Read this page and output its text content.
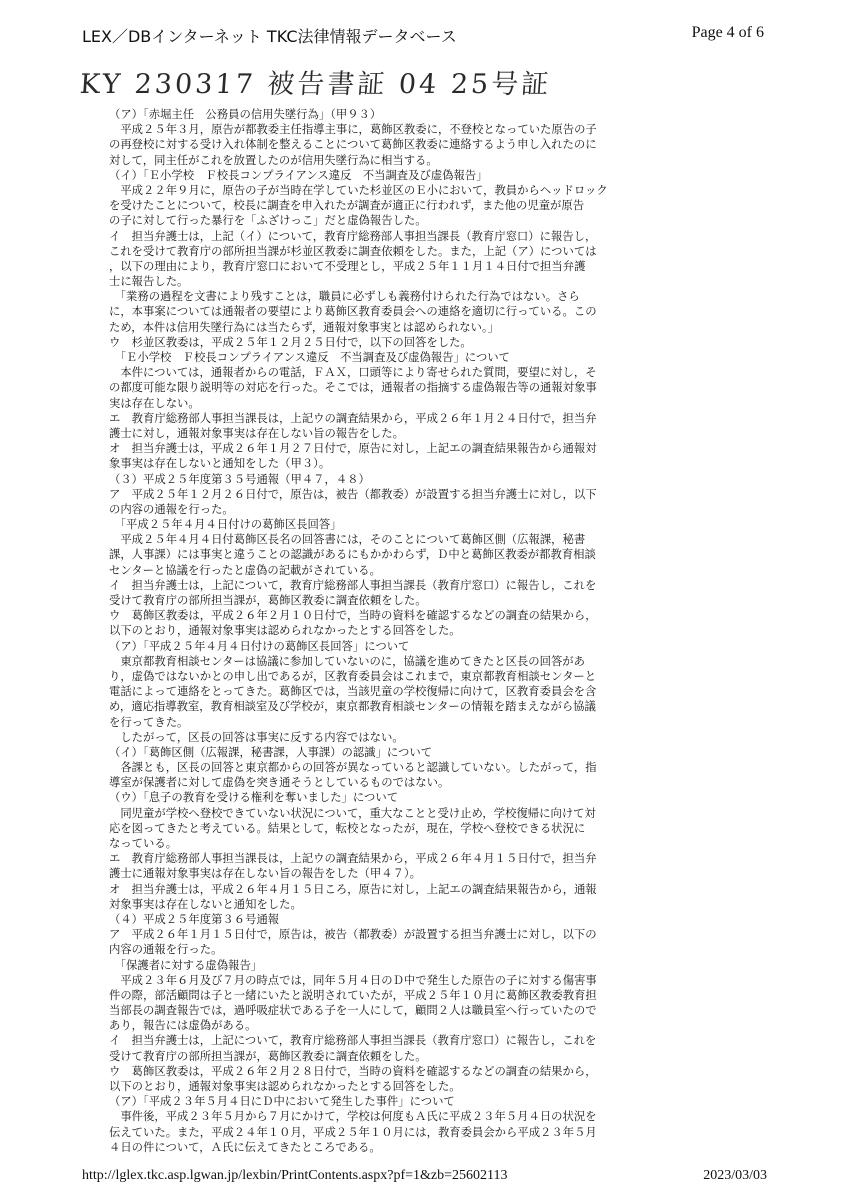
LEX／DBインターネット TKC法律情報データベース	Page 4 of 6
KY 230317 被告書証 04 25号証
（ア）「赤堀主任　公務員の信用失墜行為」（甲９３）
　平成２５年３月，原告が都教委主任指導主事に，葛飾区教委に，不登校となっていた原告の子
の再登校に対する受け入れ体制を整えることについて葛飾区教委に連絡するよう申し入れたのに
対して，同主任がこれを放置したのが信用失墜行為に相当する。
（イ）「Ｅ小学校　Ｆ校長コンプライアンス違反　不当調査及び虚偽報告」
　平成２２年９月に，原告の子が当時在学していた杉並区のＥ小において，教員からヘッドロック
を受けたことについて，校長に調査を申入れたが調査が適正に行われず，また他の児童が原告
の子に対して行った暴行を「ふざけっこ」だと虚偽報告した。
イ　担当弁護士は，上記（イ）について，教育庁総務部人事担当課長（教育庁窓口）に報告し，
これを受けて教育庁の部所担当課が杉並区教委に調査依頼をした。また，上記（ア）については
，以下の理由により，教育庁窓口において不受理とし，平成２５年１１月１４日付で担当弁護
士に報告した。
　「業務の過程を文書により残すことは，職員に必ずしも義務付けられた行為ではない。さら
に，本事案については通報者の要望により葛飾区教育委員会への連絡を適切に行っている。この
ため，本件は信用失墜行為には当たらず，通報対象事実とは認められない。」
ウ　杉並区教委は，平成２５年１２月２５日付で，以下の回答をした。
　「Ｅ小学校　Ｆ校長コンプライアンス違反　不当調査及び虚偽報告」について
　本件については，通報者からの電話，ＦＡＸ，口頭等により寄せられた質問，要望に対し，そ
の都度可能な限り説明等の対応を行った。そこでは，通報者の指摘する虚偽報告等の通報対象事
実は存在しない。
エ　教育庁総務部人事担当課長は，上記ウの調査結果から，平成２６年１月２４日付で，担当弁
護士に対し，通報対象事実は存在しない旨の報告をした。
オ　担当弁護士は，平成２６年１月２７日付で，原告に対し，上記エの調査結果報告から通報対
象事実は存在しないと通知をした（甲３）。
（３）平成２５年度第３５号通報（甲４７，４８）
ア　平成２５年１２月２６日付で，原告は，被告（都教委）が設置する担当弁護士に対し，以下
の内容の通報を行った。
　「平成２５年４月４日付けの葛飾区長回答」
　平成２５年４月４日付葛飾区長名の回答書には，そのことについて葛飾区側（広報課，秘書
課，人事課）には事実と違うことの認識があるにもかかわらず，Ｄ中と葛飾区教委が都教育相談
センターと協議を行ったと虚偽の記載がされている。
イ　担当弁護士は，上記について，教育庁総務部人事担当課長（教育庁窓口）に報告し，これを
受けて教育庁の部所担当課が，葛飾区教委に調査依頼をした。
ウ　葛飾区教委は，平成２６年２月１０日付で，当時の資料を確認するなどの調査の結果から，
以下のとおり，通報対象事実は認められなかったとする回答をした。
（ア）「平成２５年４月４日付けの葛飾区長回答」について
　東京都教育相談センターは協議に参加していないのに，協議を進めてきたと区長の回答があ
り，虚偽ではないかとの申し出であるが，区教育委員会はこれまで，東京都教育相談センターと
電話によって連絡をとってきた。葛飾区では，当該児童の学校復帰に向けて，区教育委員会を含
め，適応指導教室，教育相談室及び学校が，東京都教育相談センターの情報を踏まえながら協議
を行ってきた。
　したがって，区長の回答は事実に反する内容ではない。
（イ）「葛飾区側（広報課，秘書課，人事課）の認識」について
　各課とも，区長の回答と東京都からの回答が異なっていると認識していない。したがって，指
導室が保護者に対して虚偽を突き通そうとしているものではない。
（ウ）「息子の教育を受ける権利を奪いました」について
　同児童が学校へ登校できていない状況について，重大なことと受け止め，学校復帰に向けて対
応を図ってきたと考えている。結果として，転校となったが，現在，学校へ登校できる状況に
なっている。
エ　教育庁総務部人事担当課長は，上記ウの調査結果から，平成２６年４月１５日付で，担当弁
護士に通報対象事実は存在しない旨の報告をした（甲４７）。
オ　担当弁護士は，平成２６年４月１５日ころ，原告に対し，上記エの調査結果報告から，通報
対象事実は存在しないと通知をした。
（４）平成２５年度第３６号通報
ア　平成２６年１月１５日付で，原告は，被告（都教委）が設置する担当弁護士に対し，以下の
内容の通報を行った。
　「保護者に対する虚偽報告」
　平成２３年６月及び７月の時点では，同年５月４日のＤ中で発生した原告の子に対する傷害事
件の際，部活顧問は子と一緒にいたと説明されていたが，平成２５年１０月に葛飾区教委教育担
当部長の調査報告では，過呼吸症状である子を一人にして，顧問２人は職員室へ行っていたので
あり，報告には虚偽がある。
イ　担当弁護士は，上記について，教育庁総務部人事担当課長（教育庁窓口）に報告し，これを
受けて教育庁の部所担当課が，葛飾区教委に調査依頼をした。
ウ　葛飾区教委は，平成２６年２月２８日付で，当時の資料を確認するなどの調査の結果から，
以下のとおり，通報対象事実は認められなかったとする回答をした。
（ア）「平成２３年５月４日にＤ中において発生した事件」について
　事件後，平成２３年５月から７月にかけて，学校は何度もＡ氏に平成２３年５月４日の状況を
伝えていた。また，平成２４年１０月，平成２５年１０月には，教育委員会から平成２３年５月
４日の件について，Ａ氏に伝えてきたところである。
http://lglex.tkc.asp.lgwan.jp/lexbin/PrintContents.aspx?pf=1&zb=25602113	2023/03/03
